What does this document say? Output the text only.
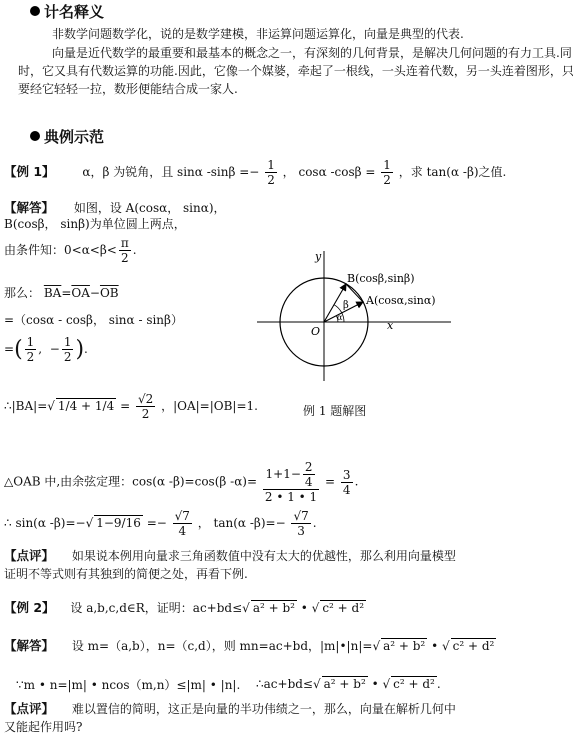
计名释义
非数学问题数学化，说的是数学建模，非运算问题运算化，向量是典型的代表.
向量是近代数学的最重要和最基本的概念之一，有深刻的几何背景，是解决几何问题的有力工具.同时，它又具有代数运算的功能.因此，它像一个媒婆，牵起了一根线，一头连着代数，另一头连着图形，只要经它轻轻一拉，数形便能结合成一家人.
典例示范
【例 1】 α，β 为锐角，且 sinα $-\sin\beta =- \frac{1}{2}$ ， cosα $-\cos\beta = \frac{1}{2}$ ，求 tan(α -β)之值.
【解答】 如图，设 A(cosα， sinα)，
B(cosβ， sinβ)为单位圆上两点，
由条件知：$0<\alpha<\beta< \frac{\pi}{2}$ .
那么： $\overline{BA}=\overline{OA}-\overline{OB}$
=（cosα - cosβ， sinα - sinβ）
=( $\frac{1}{2}$ ,  − $\frac{1}{2}$ ).
∴|BA|=√ $1/4 + 1/4 = \frac{√2}{2}$ ，|OA|=|OB|=1.	例 1 题解图
△OAB 中,由余弦定理：cos(α -β)=cos(β $-\alpha)= \frac{1+1- \frac{2}{4}}{2 • 1 • 1} = \frac{3}{4}$ .
∴ sin(α -β)=−√ $1-9/16 =- \frac{√7}{4}$ ， tan(α $-\beta)=- \frac{√7}{3}$ .
y
x
O
B(cosβ,sinβ)
A(cosα,sinα)
β
α
【点评】 如果说本例用向量求三角函数值中没有太大的优越性，那么利用向量模型证明不等式则有其独到的简便之处，再看下例.
【例 2】 设 a,b,c,d∈R，证明：ac+bd≤√ a² + b² • √ c² + d²
【解答】 设 m=（a,b），n=（c,d），则 mn=ac+bd，|m|•|n|=√ a² + b² • √ c² + d²
∵m • n=|m| • ncos（m,n）≤|m| • |n|. ∴ac+bd≤√ a² + b² • √ c² + d² .
【点评】 难以置信的简明，这正是向量的半功伟绩之一，那么，向量在解析几何中又能起作用吗?
